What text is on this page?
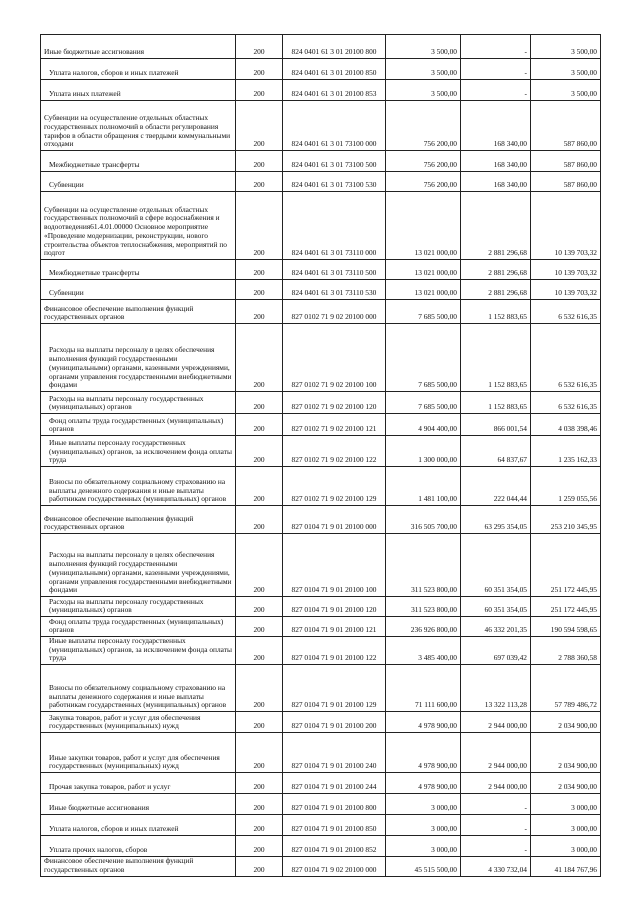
Иные бюджетные ассигнования	200	824 0401 61 3 01 20100 800	3 500,00	-	3 500,00
Уплата налогов, сборов и иных платежей	200	824 0401 61 3 01 20100 850	3 500,00	-	3 500,00
Уплата иных платежей	200	824 0401 61 3 01 20100 853	3 500,00	-	3 500,00
Субвенции на осуществление отдельных областных государственных полномочий в области регулирования тарифов в области обращения с твердыми коммунальными отходами	200	824 0401 61 3 01 73100 000	756 200,00	168 340,00	587 860,00
Межбюджетные трансферты	200	824 0401 61 3 01 73100 500	756 200,00	168 340,00	587 860,00
Субвенции	200	824 0401 61 3 01 73100 530	756 200,00	168 340,00	587 860,00
Субвенции на осуществление отдельных областных государственных полномочий в сфере водоснабжения и водоотведения61.4.01.00000 Основное мероприятие «Проведение модернизации, реконструкции, нового строительства объектов теплоснабжения, мероприятий по подгот	200	824 0401 61 3 01 73110 000	13 021 000,00	2 881 296,68	10 139 703,32
Межбюджетные трансферты	200	824 0401 61 3 01 73110 500	13 021 000,00	2 881 296,68	10 139 703,32
Субвенции	200	824 0401 61 3 01 73110 530	13 021 000,00	2 881 296,68	10 139 703,32
Финансовое обеспечение выполнения функций государственных органов	200	827 0102 71 9 02 20100 000	7 685 500,00	1 152 883,65	6 532 616,35
Расходы на выплаты персоналу в целях обеспечения выполнения функций государственными (муниципальными) органами, казенными учреждениями, органами управления государственными внебюджетными фондами	200	827 0102 71 9 02 20100 100	7 685 500,00	1 152 883,65	6 532 616,35
Расходы на выплаты персоналу государственных (муниципальных) органов	200	827 0102 71 9 02 20100 120	7 685 500,00	1 152 883,65	6 532 616,35
Фонд оплаты труда государственных (муниципальных) органов	200	827 0102 71 9 02 20100 121	4 904 400,00	866 001,54	4 038 398,46
Иные выплаты персоналу государственных (муниципальных) органов, за исключением фонда оплаты труда	200	827 0102 71 9 02 20100 122	1 300 000,00	64 837,67	1 235 162,33
Взносы по обязательному социальному страхованию на выплаты денежного содержания и иные выплаты работникам государственных (муниципальных) органов	200	827 0102 71 9 02 20100 129	1 481 100,00	222 044,44	1 259 055,56
Финансовое обеспечение выполнения функций государственных органов	200	827 0104 71 9 01 20100 000	316 505 700,00	63 295 354,05	253 210 345,95
Расходы на выплаты персоналу в целях обеспечения выполнения функций государственными (муниципальными) органами, казенными учреждениями, органами управления государственными внебюджетными фондами	200	827 0104 71 9 01 20100 100	311 523 800,00	60 351 354,05	251 172 445,95
Расходы на выплаты персоналу государственных (муниципальных) органов	200	827 0104 71 9 01 20100 120	311 523 800,00	60 351 354,05	251 172 445,95
Фонд оплаты труда государственных (муниципальных) органов	200	827 0104 71 9 01 20100 121	236 926 800,00	46 332 201,35	190 594 598,65
Иные выплаты персоналу государственных (муниципальных) органов, за исключением фонда оплаты труда	200	827 0104 71 9 01 20100 122	3 485 400,00	697 039,42	2 788 360,58
Взносы по обязательному социальному страхованию на выплаты денежного содержания и иные выплаты работникам государственных (муниципальных) органов	200	827 0104 71 9 01 20100 129	71 111 600,00	13 322 113,28	57 789 486,72
Закупка товаров, работ и услуг для обеспечения государственных (муниципальных) нужд	200	827 0104 71 9 01 20100 200	4 978 900,00	2 944 000,00	2 034 900,00
Иные закупки товаров, работ и услуг для обеспечения государственных (муниципальных) нужд	200	827 0104 71 9 01 20100 240	4 978 900,00	2 944 000,00	2 034 900,00
Прочая закупка товаров, работ и услуг	200	827 0104 71 9 01 20100 244	4 978 900,00	2 944 000,00	2 034 900,00
Иные бюджетные ассигнования	200	827 0104 71 9 01 20100 800	3 000,00	-	3 000,00
Уплата налогов, сборов и иных платежей	200	827 0104 71 9 01 20100 850	3 000,00	-	3 000,00
Уплата прочих налогов, сборов	200	827 0104 71 9 01 20100 852	3 000,00	-	3 000,00
Финансовое обеспечение выполнения функций государственных органов	200	827 0104 71 9 02 20100 000	45 515 500,00	4 330 732,04	41 184 767,96
